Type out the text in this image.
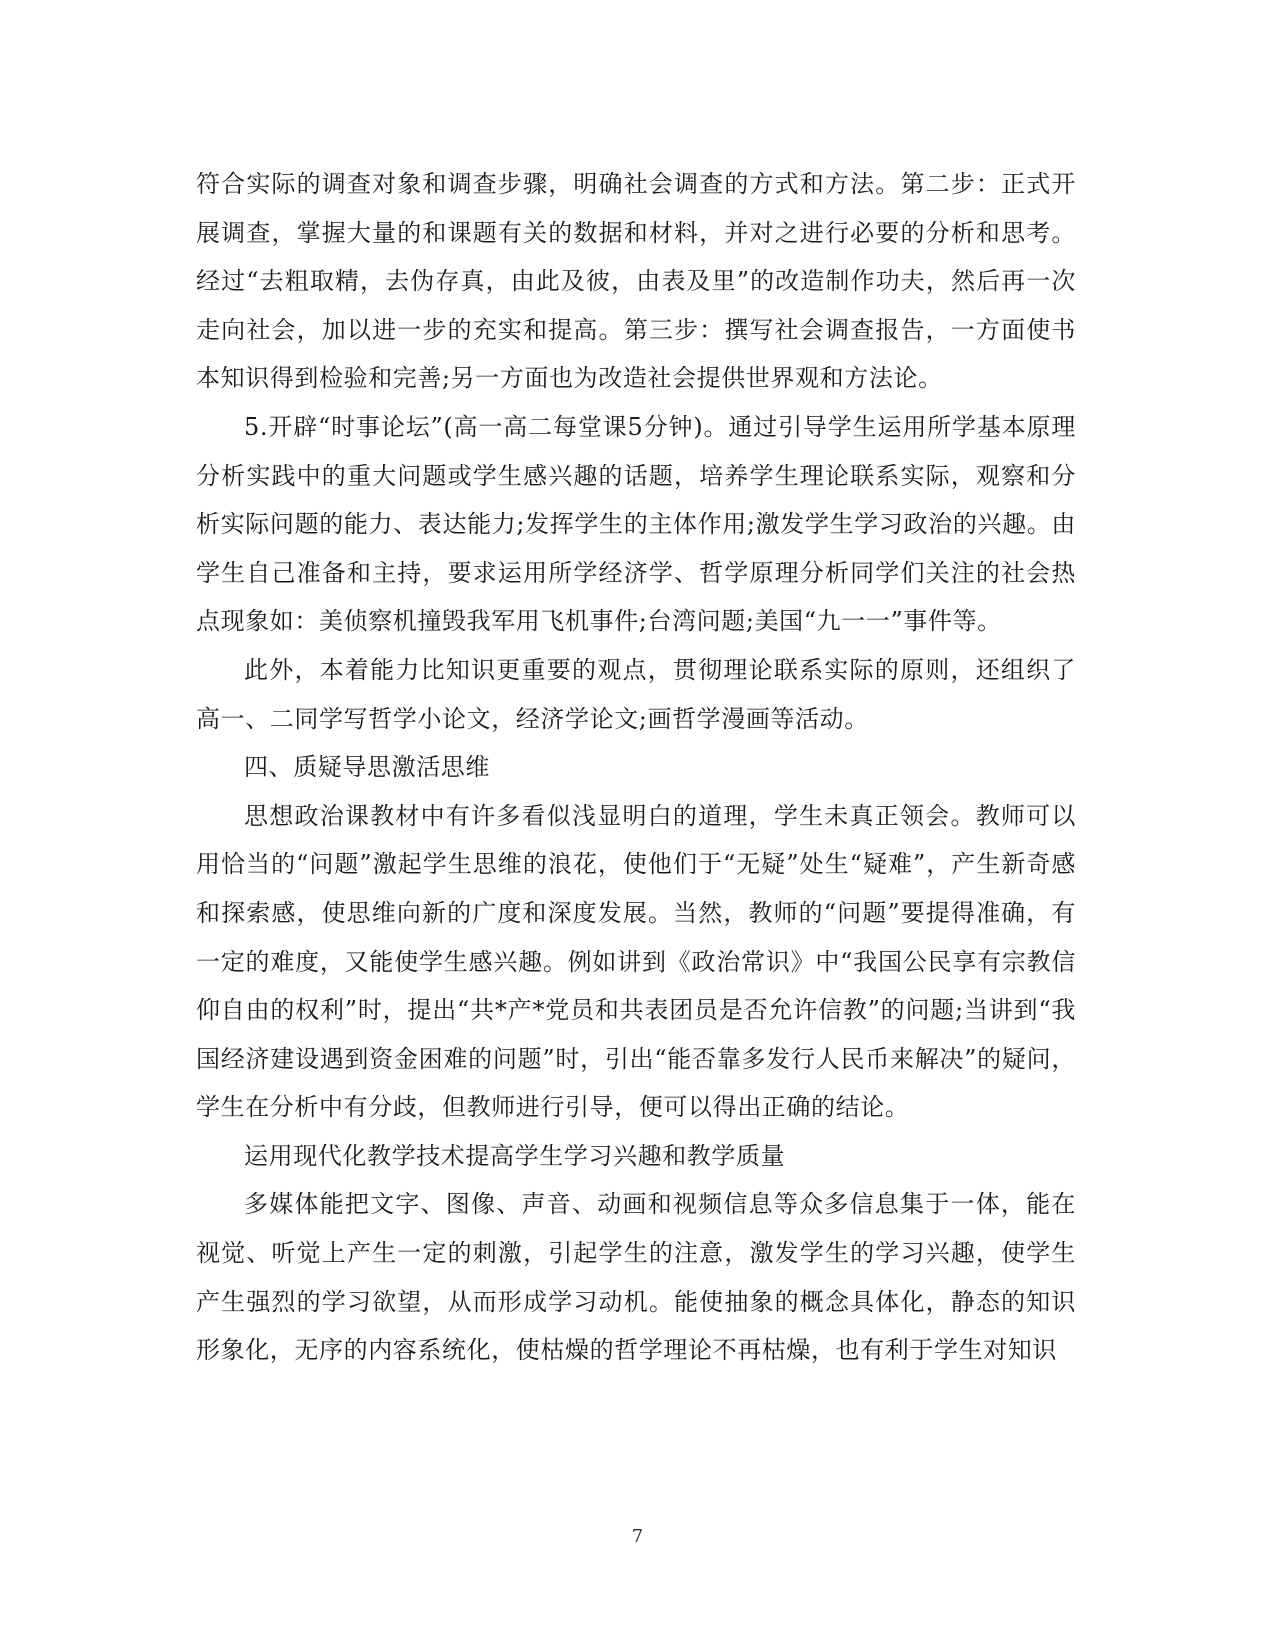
符合实际的调查对象和调查步骤，明确社会调查的方式和方法。第二步：正式开展调查，掌握大量的和课题有关的数据和材料，并对之进行必要的分析和思考。经过“去粗取精，去伪存真，由此及彼，由表及里”的改造制作功夫，然后再一次走向社会，加以进一步的充实和提高。第三步：撰写社会调查报告，一方面使书本知识得到检验和完善;另一方面也为改造社会提供世界观和方法论。

5.开辟“时事论坛”(高一高二每堂课5分钟)。通过引导学生运用所学基本原理分析实践中的重大问题或学生感兴趣的话题，培养学生理论联系实际，观察和分析实际问题的能力、表达能力;发挥学生的主体作用;激发学生学习政治的兴趣。由学生自己准备和主持，要求运用所学经济学、哲学原理分析同学们关注的社会热点现象如：美侦察机撞毁我军用飞机事件;台湾问题;美国“九一一”事件等。

此外，本着能力比知识更重要的观点，贯彻理论联系实际的原则，还组织了高一、二同学写哲学小论文，经济学论文;画哲学漫画等活动。

四、质疑导思激活思维

思想政治课教材中有许多看似浅显明白的道理，学生未真正领会。教师可以用恰当的“问题”激起学生思维的浪花，使他们于“无疑”处生“疑难”，产生新奇感和探索感，使思维向新的广度和深度发展。当然，教师的“问题”要提得准确，有一定的难度，又能使学生感兴趣。例如讲到《政治常识》中“我国公民享有宗教信仰自由的权利”时，提出“共*产*党员和共表团员是否允许信教”的问题;当讲到“我国经济建设遇到资金困难的问题”时，引出“能否靠多发行人民币来解决”的疑问，学生在分析中有分歧，但教师进行引导，便可以得出正确的结论。

运用现代化教学技术提高学生学习兴趣和教学质量

多媒体能把文字、图像、声音、动画和视频信息等众多信息集于一体，能在视觉、听觉上产生一定的刺激，引起学生的注意，激发学生的学习兴趣，使学生产生强烈的学习欲望，从而形成学习动机。能使抽象的概念具体化，静态的知识形象化，无序的内容系统化，使枯燥的哲学理论不再枯燥，也有利于学生对知识

7
